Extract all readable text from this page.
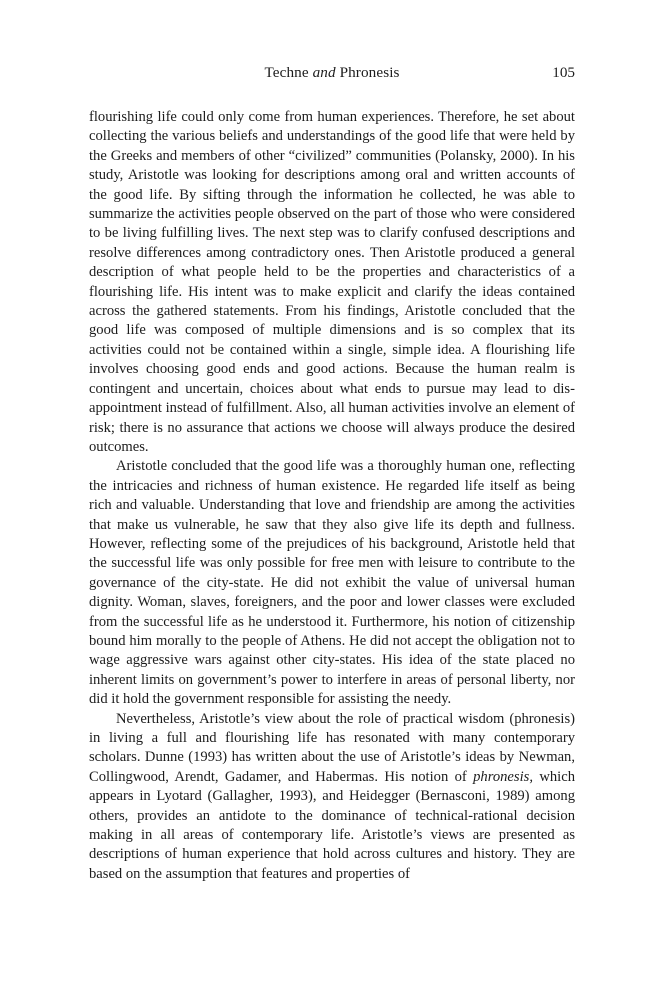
Techne and Phronesis	105

flourishing life could only come from human experiences. Therefore, he set about collecting the various beliefs and understandings of the good life that were held by the Greeks and members of other “civilized” communities (Polansky, 2000). In his study, Aristotle was looking for descriptions among oral and written accounts of the good life. By sifting through the information he collected, he was able to summarize the activities people observed on the part of those who were considered to be living fulfilling lives. The next step was to clarify confused descriptions and resolve differences among contradictory ones. Then Aristotle produced a general description of what people held to be the properties and characteristics of a flourishing life. His intent was to make explicit and clarify the ideas contained across the gathered statements. From his findings, Aristotle concluded that the good life was composed of multiple dimensions and is so complex that its activities could not be contained within a single, simple idea. A flourishing life involves choosing good ends and good actions. Because the human realm is contingent and uncertain, choices about what ends to pursue may lead to disappointment instead of fulfillment. Also, all human activities involve an element of risk; there is no assurance that actions we choose will always produce the desired outcomes.

Aristotle concluded that the good life was a thoroughly human one, reflecting the intricacies and richness of human existence. He regarded life itself as being rich and valuable. Understanding that love and friendship are among the activities that make us vulnerable, he saw that they also give life its depth and fullness. However, reflecting some of the prejudices of his background, Aristotle held that the successful life was only possible for free men with leisure to contribute to the governance of the city-state. He did not exhibit the value of universal human dignity. Woman, slaves, foreigners, and the poor and lower classes were excluded from the successful life as he understood it. Furthermore, his notion of citizenship bound him morally to the people of Athens. He did not accept the obligation not to wage aggressive wars against other city-states. His idea of the state placed no inherent limits on government’s power to interfere in areas of personal liberty, nor did it hold the government responsible for assisting the needy.

Nevertheless, Aristotle’s view about the role of practical wisdom (phronesis) in living a full and flourishing life has resonated with many contemporary scholars. Dunne (1993) has written about the use of Aristotle’s ideas by Newman, Collingwood, Arendt, Gadamer, and Habermas. His notion of phronesis, which appears in Lyotard (Gallagher, 1993), and Heidegger (Bernasconi, 1989) among others, provides an antidote to the dominance of technical-rational decision making in all areas of contemporary life. Aristotle’s views are presented as descriptions of human experience that hold across cultures and history. They are based on the assumption that features and properties of
